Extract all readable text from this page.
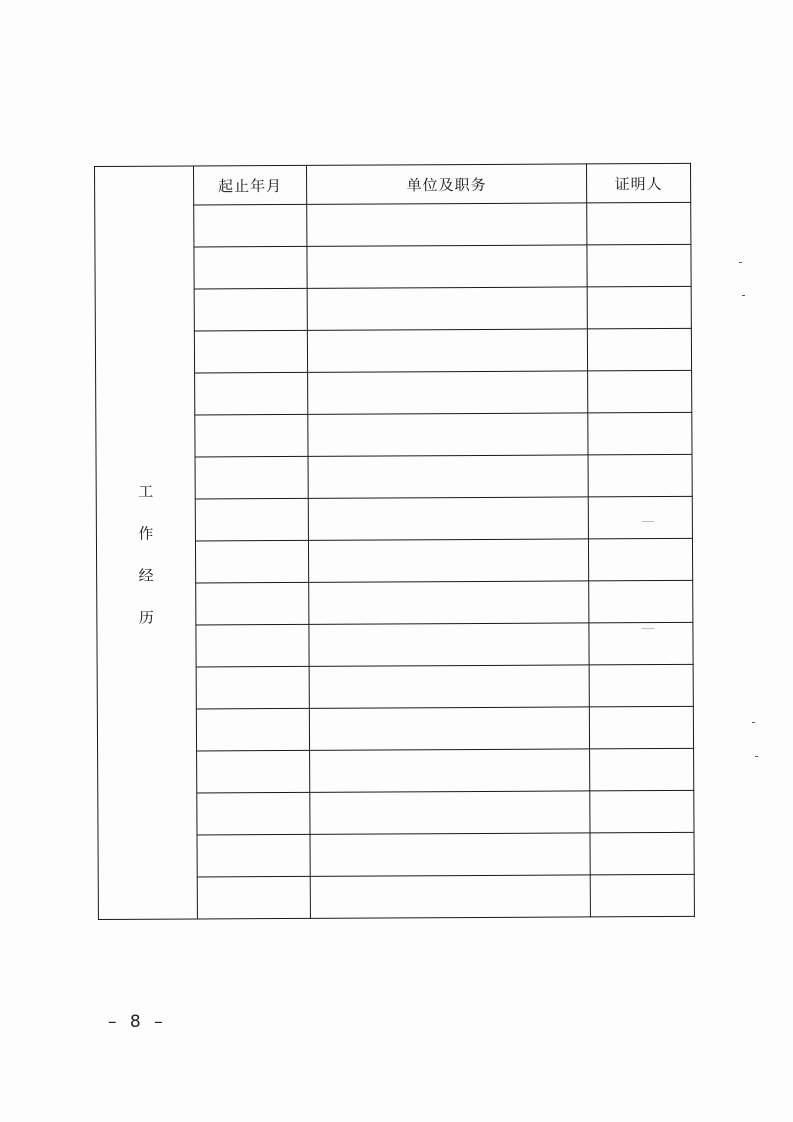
工作经历	起止年月	单位及职务	证明人

– 8 –
